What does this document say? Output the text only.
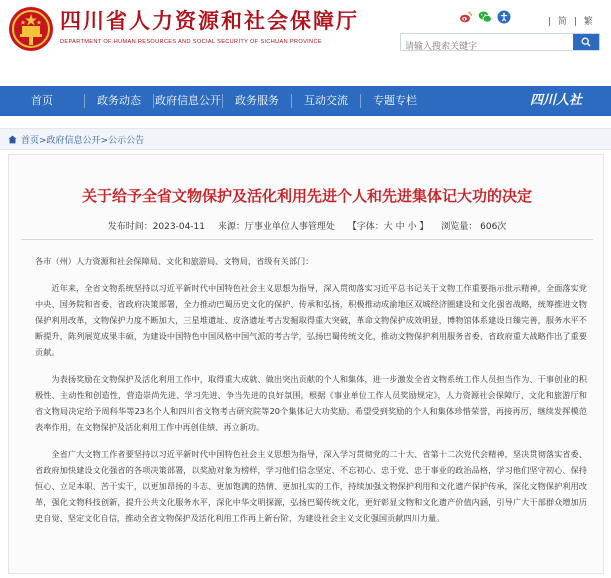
四川省人力资源和社会保障厅
DEPARTMENT OF HUMAN RESOURCES AND SOCIAL SECURITY OF SICHUAN PROVINCE
| 简 | 繁
请输入搜索关键字
首页	政务动态	政府信息公开	政务服务	互动交流	专题专栏	四川人社
首页>政府信息公开>公示公告
关于给予全省文物保护及活化利用先进个人和先进集体记大功的决定
发布时间：2023-04-11 来源：厅事业单位人事管理处 【字体：大 中 小 】 浏览量： 606次

各市（州）人力资源和社会保障局、文化和旅游局、文物局，省级有关部门：

近年来，全省文物系统坚持以习近平新时代中国特色社会主义思想为指导，深入贯彻落实习近平总书记关于文物工作重要指示批示精神，全面落实党中央、国务院和省委、省政府决策部署，全力推动巴蜀历史文化的保护、传承和弘扬，积极推动成渝地区双城经济圈建设和文化强省战略，统筹推进文物保护利用改革，文物保护力度不断加大，三星堆遗址、皮洛遗址考古发掘取得重大突破，革命文物保护成效明显，博物馆体系建设日臻完善，服务水平不断提升，陈列展览成果丰硕，为建设中国特色中国风格中国气派的考古学，弘扬巴蜀传统文化，推动文物保护利用服务省委、省政府重大战略作出了重要贡献。

为表扬奖励在文物保护及活化利用工作中，取得重大成就、做出突出贡献的个人和集体，进一步激发全省文物系统工作人员担当作为、干事创业的积极性、主动性和创造性，营造崇尚先进、学习先进、争当先进的良好氛围，根据《事业单位工作人员奖励规定》，人力资源社会保障厅、文化和旅游厅和省文物局决定给予周科华等23名个人和四川省文物考古研究院等20个集体记大功奖励。希望受到奖励的个人和集体珍惜荣誉，再接再厉，继续发挥模范表率作用，在文物保护及活化利用工作中再创佳绩、再立新功。

全省广大文物工作者要坚持以习近平新时代中国特色社会主义思想为指导，深入学习贯彻党的二十大、省第十二次党代会精神，坚决贯彻落实省委、省政府加快建设文化强省的各项决策部署，以奖励对象为榜样，学习他们信念坚定、不忘初心、忠于党、忠于事业的政治品格，学习他们坚守初心、保持恒心、立足本职、苦干实干，以更加昂扬的斗志、更加饱满的热情、更加扎实的工作，持续加强文物保护利用和文化遗产保护传承，深化文物保护利用改革，强化文物科技创新，提升公共文化服务水平，深化中华文明探源，弘扬巴蜀传统文化，更好彰显文物和文化遗产价值内涵，引导广大干部群众增加历史自觉、坚定文化自信，推动全省文物保护及活化利用工作再上新台阶，为建设社会主义文化强国贡献四川力量。
